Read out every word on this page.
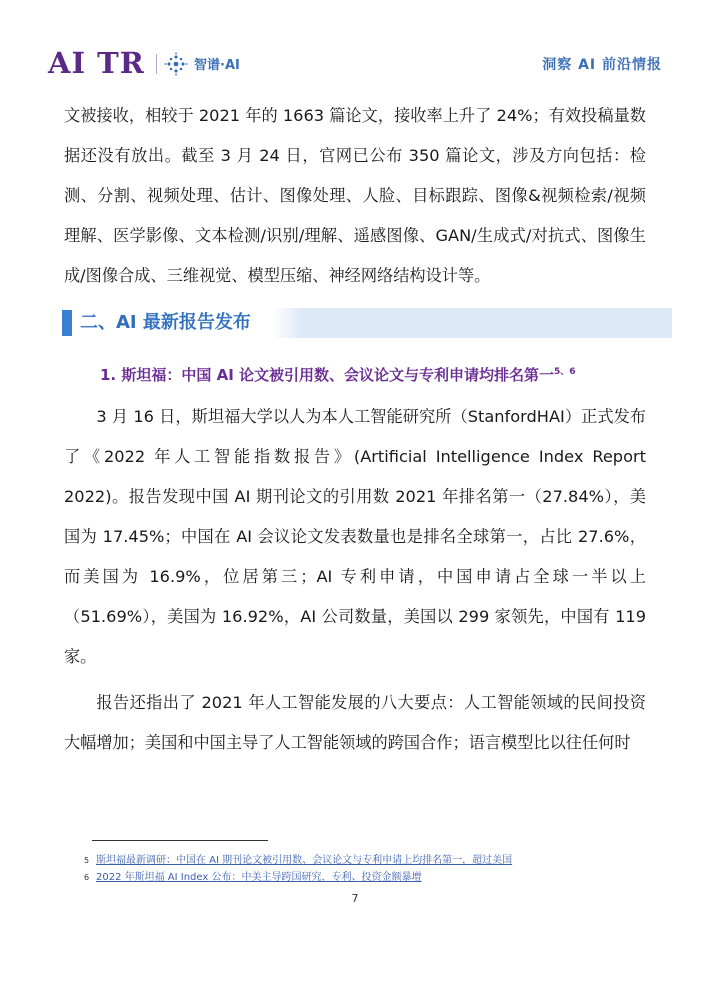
AI TR	智谱·AI	洞察 AI 前沿情报

文被接收，相较于 2021 年的 1663 篇论文，接收率上升了 24%；有效投稿量数据还没有放出。截至 3 月 24 日，官网已公布 350 篇论文，涉及方向包括：检测、分割、视频处理、估计、图像处理、人脸、目标跟踪、图像&视频检索/视频理解、医学影像、文本检测/识别/理解、遥感图像、GAN/生成式/对抗式、图像生成/图像合成、三维视觉、模型压缩、神经网络结构设计等。

二、AI 最新报告发布
1. 斯坦福：中国 AI 论文被引用数、会议论文与专利申请均排名第一$^{5、6}$

3 月 16 日，斯坦福大学以人为本人工智能研究所（StanfordHAI）正式发布了《2022 年人工智能指数报告》(Artificial Intelligence Index Report 2022)。报告发现中国 AI 期刊论文的引用数 2021 年排名第一（27.84%），美国为 17.45%；中国在 AI 会议论文发表数量也是排名全球第一，占比 27.6%，而美国为 16.9%，位居第三；AI 专利申请，中国申请占全球一半以上（51.69%），美国为 16.92%，AI 公司数量，美国以 299 家领先，中国有 119 家。

报告还指出了 2021 年人工智能发展的八大要点：人工智能领域的民间投资大幅增加；美国和中国主导了人工智能领域的跨国合作；语言模型比以往任何时

5 斯坦福最新调研：中国在 AI 期刊论文被引用数、会议论文与专利申请上均排名第一，超过美国
6 2022 年斯坦福 AI Index 公布：中美主导跨国研究，专利、投资金额暴增
7
